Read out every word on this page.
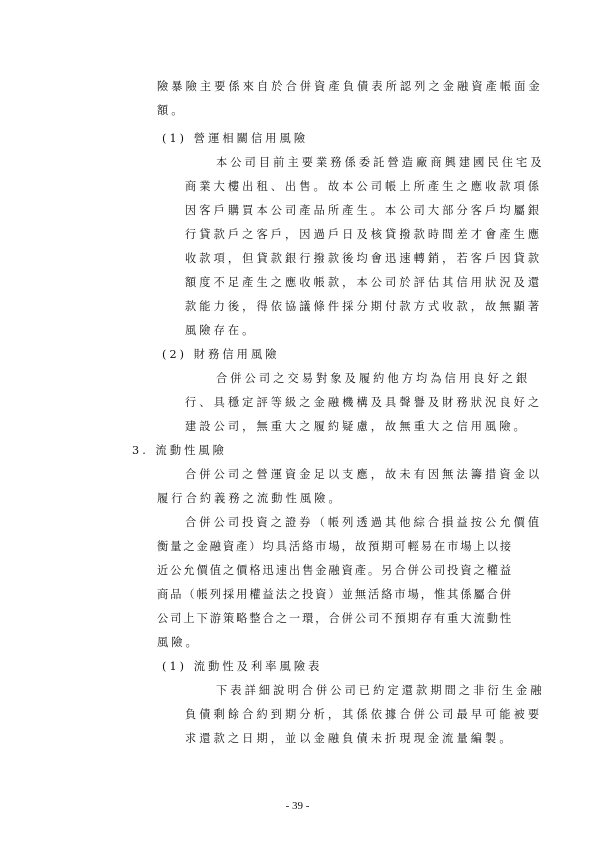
險暴險主要係來自於合併資產負債表所認列之金融資產帳面金
額。
(1) 營運相關信用風險
本公司目前主要業務係委託營造廠商興建國民住宅及
商業大樓出租、出售。故本公司帳上所產生之應收款項係
因客戶購買本公司產品所產生。本公司大部分客戶均屬銀
行貸款戶之客戶，因過戶日及核貸撥款時間差才會產生應
收款項，但貸款銀行撥款後均會迅速轉銷，若客戶因貸款
額度不足產生之應收帳款，本公司於評估其信用狀況及還
款能力後，得依協議條件採分期付款方式收款，故無顯著
風險存在。
(2) 財務信用風險
合併公司之交易對象及履約他方均為信用良好之銀
行、具穩定評等級之金融機構及具聲譽及財務狀況良好之
建設公司，無重大之履約疑慮，故無重大之信用風險。
3. 流動性風險
合併公司之營運資金足以支應，故未有因無法籌措資金以
履行合約義務之流動性風險。
合併公司投資之證券（帳列透過其他綜合損益按公允價值
衡量之金融資產）均具活絡市場，故預期可輕易在市場上以接
近公允價值之價格迅速出售金融資產。另合併公司投資之權益
商品（帳列採用權益法之投資）並無活絡市場，惟其係屬合併
公司上下游策略整合之一環，合併公司不預期存有重大流動性
風險。
(1) 流動性及利率風險表
下表詳細說明合併公司已約定還款期間之非衍生金融
負債剩餘合約到期分析，其係依據合併公司最早可能被要
求還款之日期，並以金融負債未折現現金流量編製。
- 39 -
